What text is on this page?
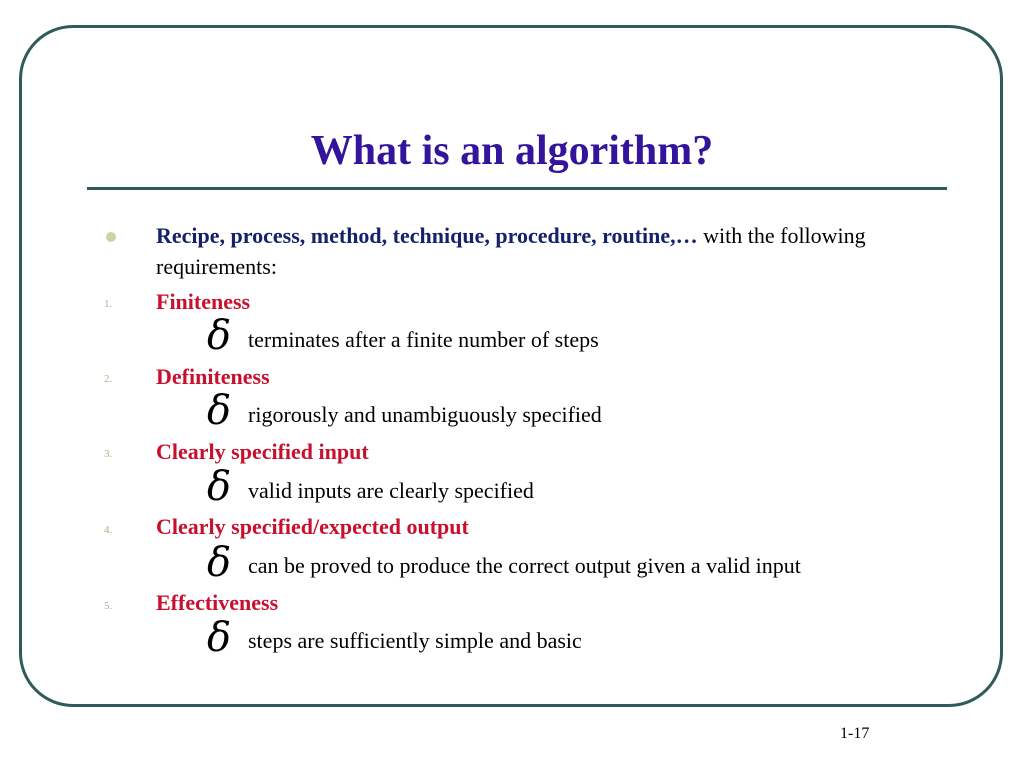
What is an algorithm?
Recipe, process, method, technique, procedure, routine,… with the following requirements:
1. Finiteness
ẟ terminates after a finite number of steps
2. Definiteness
ẟ rigorously and unambiguously specified
3. Clearly specified input
ẟ valid inputs are clearly specified
4. Clearly specified/expected output
ẟ can be proved to produce the correct output given a valid input
5. Effectiveness
ẟ steps are sufficiently simple and basic
1-17
